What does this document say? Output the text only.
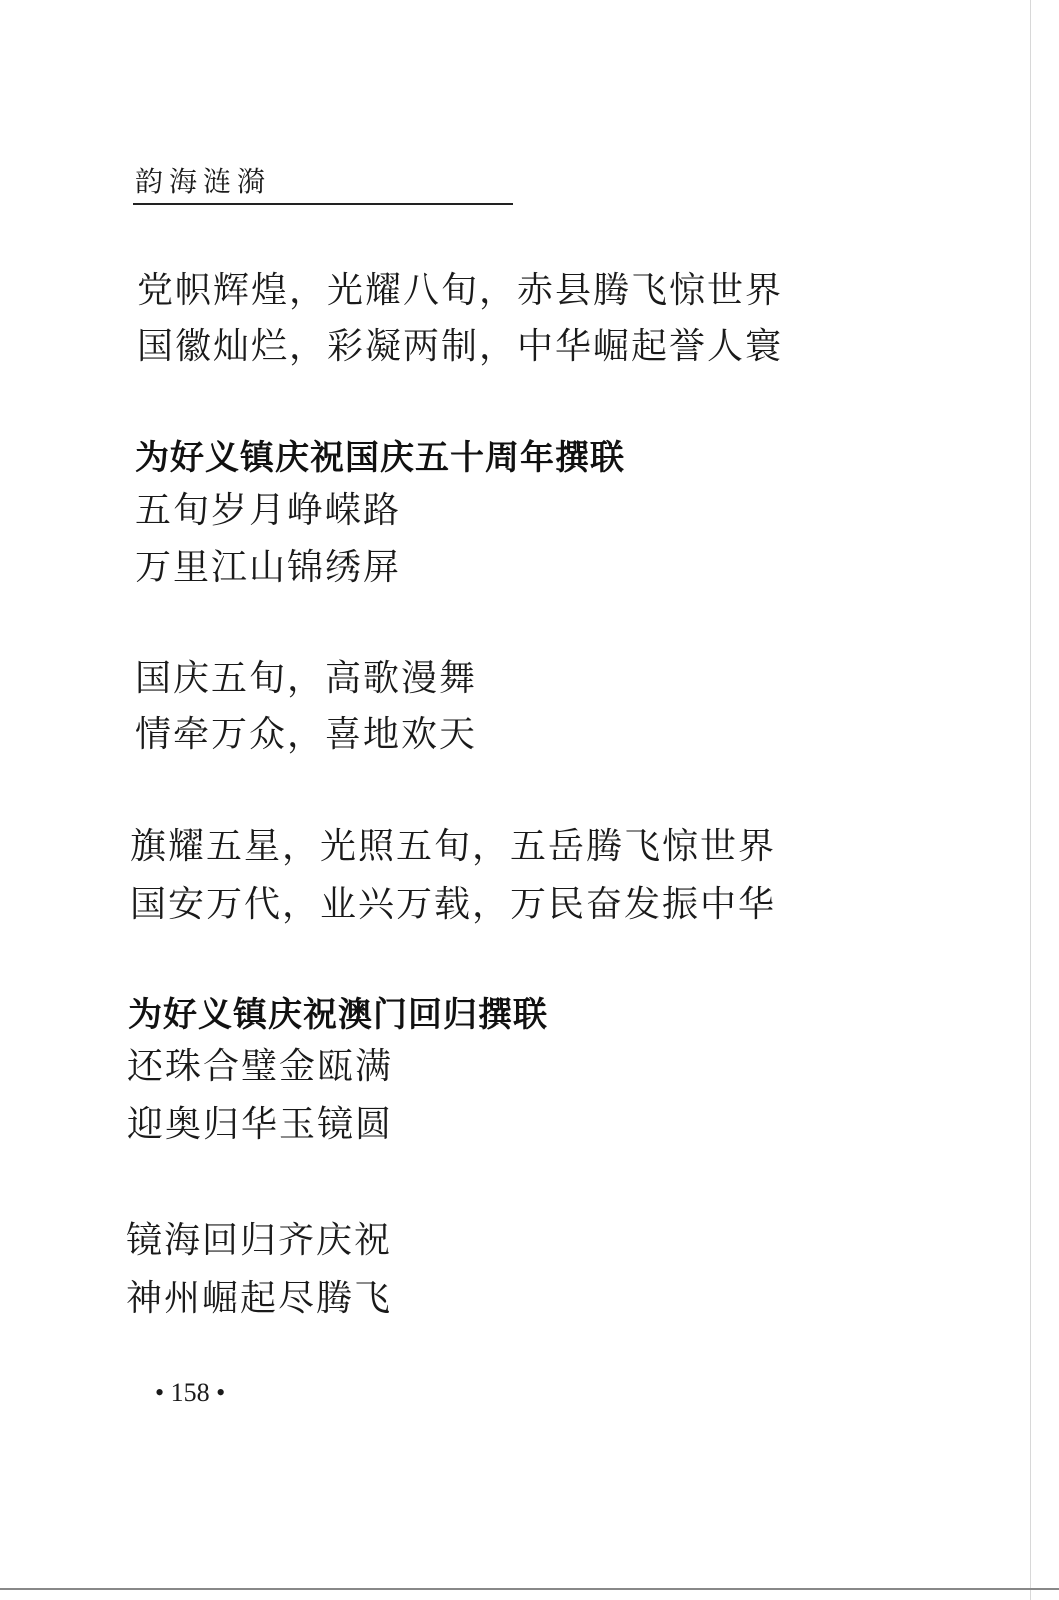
韵海涟漪
党帜辉煌，光耀八旬，赤县腾飞惊世界
国徽灿烂，彩凝两制，中华崛起誉人寰
为好义镇庆祝国庆五十周年撰联
五旬岁月峥嵘路
万里江山锦绣屏
国庆五旬，高歌漫舞
情牵万众，喜地欢天
旗耀五星，光照五旬，五岳腾飞惊世界
国安万代，业兴万载，万民奋发振中华
为好义镇庆祝澳门回归撰联
还珠合璧金瓯满
迎奥归华玉镜圆
镜海回归齐庆祝
神州崛起尽腾飞
• 158 •
